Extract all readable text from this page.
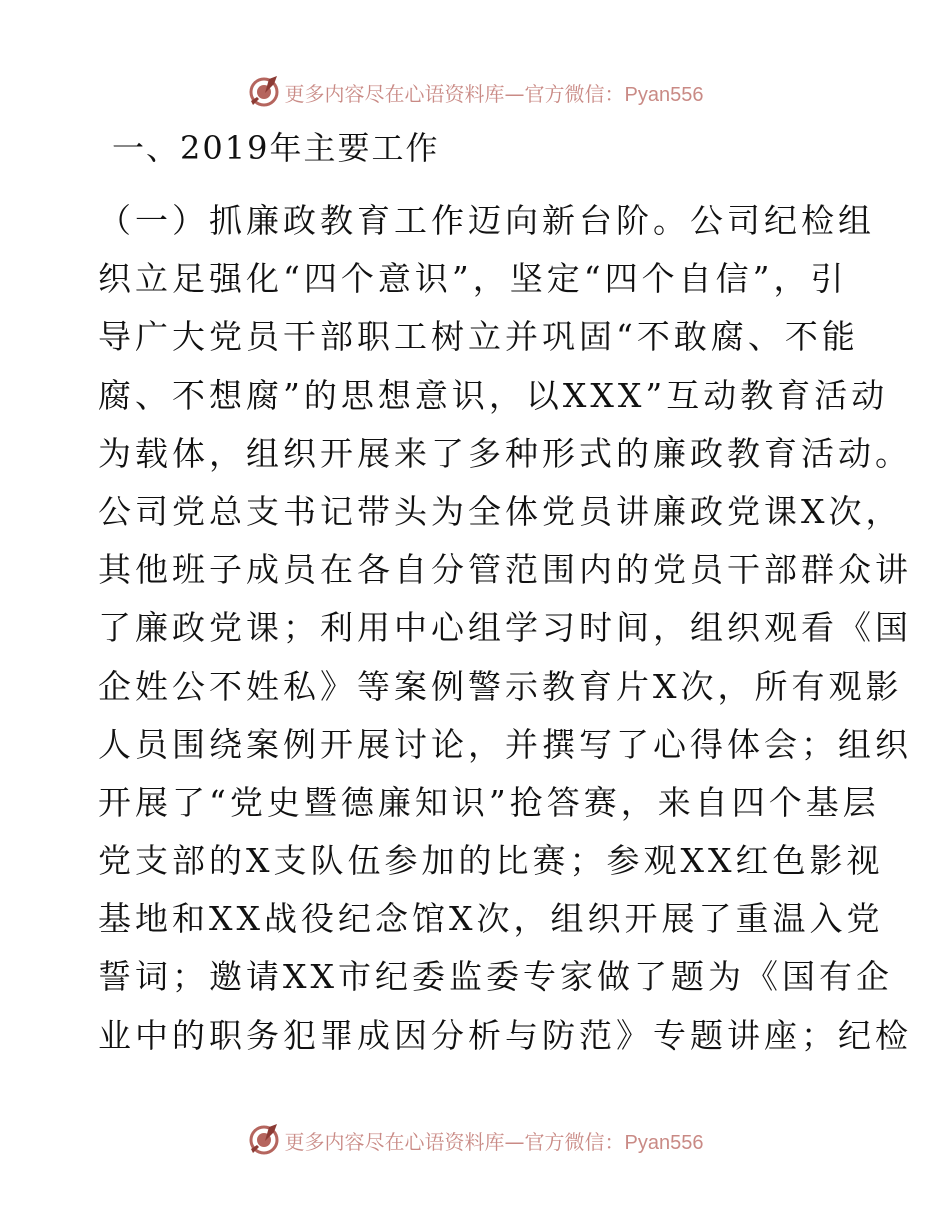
更多内容尽在心语资料库—官方微信：Pyan556
一、2019年主要工作
（一）抓廉政教育工作迈向新台阶。公司纪检组
织立足强化“四个意识”，坚定“四个自信”，引
导广大党员干部职工树立并巩固“不敢腐、不能
腐、不想腐”的思想意识，以XXX”互动教育活动
为载体，组织开展来了多种形式的廉政教育活动。
公司党总支书记带头为全体党员讲廉政党课X次，
其他班子成员在各自分管范围内的党员干部群众讲
了廉政党课；利用中心组学习时间，组织观看《国
企姓公不姓私》等案例警示教育片X次，所有观影
人员围绕案例开展讨论，并撰写了心得体会；组织
开展了“党史暨德廉知识”抢答赛，来自四个基层
党支部的X支队伍参加的比赛；参观XX红色影视
基地和XX战役纪念馆X次，组织开展了重温入党
誓词；邀请XX市纪委监委专家做了题为《国有企
业中的职务犯罪成因分析与防范》专题讲座；纪检
更多内容尽在心语资料库—官方微信：Pyan556
